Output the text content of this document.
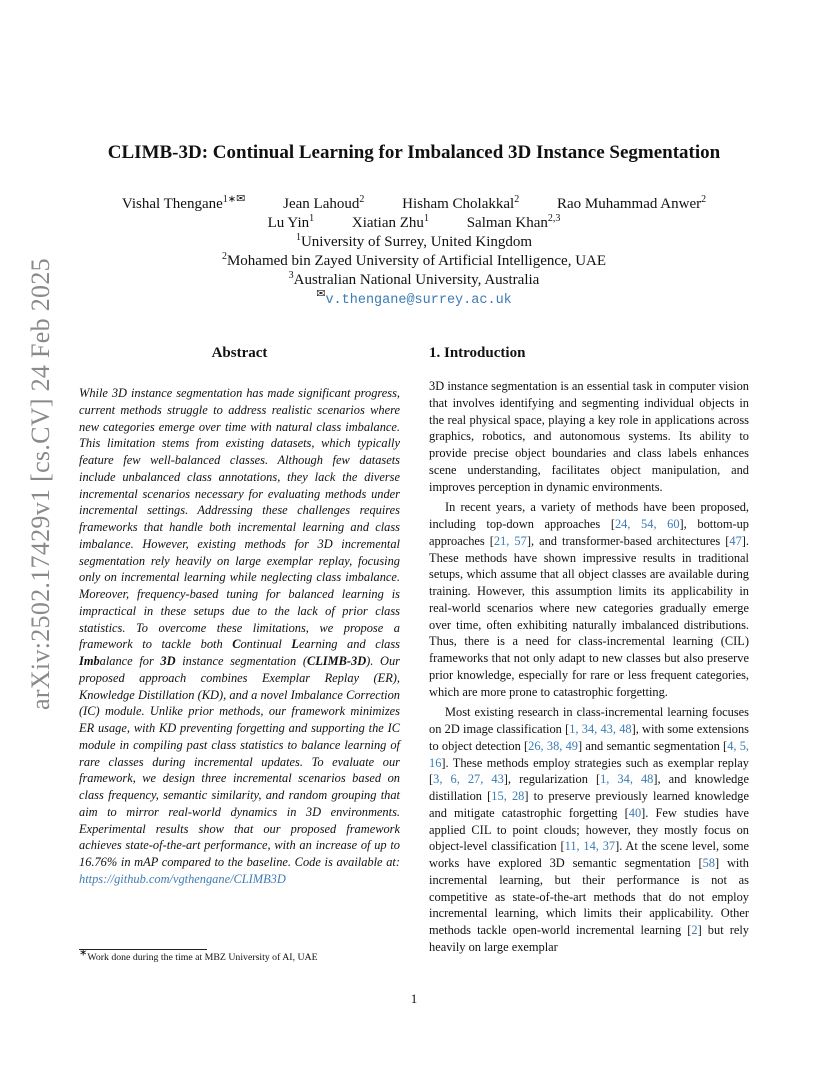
arXiv:2502.17429v1 [cs.CV] 24 Feb 2025
CLIMB-3D: Continual Learning for Imbalanced 3D Instance Segmentation
Vishal Thengane$^{1∗}$✉	Jean Lahoud$^2$	Hisham Cholakkal$^2$	Rao Muhammad Anwer$^2$
Lu Yin$^1$	Xiatian Zhu$^1$	Salman Khan$^{2,3}$
$^1$University of Surrey, United Kingdom
$^2$Mohamed bin Zayed University of Artificial Intelligence, UAE
$^3$Australian National University, Australia
✉v.thengane@surrey.ac.uk
Abstract
While 3D instance segmentation has made significant progress, current methods struggle to address realistic scenarios where new categories emerge over time with natural class imbalance. This limitation stems from existing datasets, which typically feature few well-balanced classes. Although few datasets include unbalanced class annotations, they lack the diverse incremental scenarios necessary for evaluating methods under incremental settings. Addressing these challenges requires frameworks that handle both incremental learning and class imbalance. However, existing methods for 3D incremental segmentation rely heavily on large exemplar replay, focusing only on incremental learning while neglecting class imbalance. Moreover, frequency-based tuning for balanced learning is impractical in these setups due to the lack of prior class statistics. To overcome these limitations, we propose a framework to tackle both Continual Learning and class Imbalance for 3D instance segmentation (CLIMB-3D). Our proposed approach combines Exemplar Replay (ER), Knowledge Distillation (KD), and a novel Imbalance Correction (IC) module. Unlike prior methods, our framework minimizes ER usage, with KD preventing forgetting and supporting the IC module in compiling past class statistics to balance learning of rare classes during incremental updates. To evaluate our framework, we design three incremental scenarios based on class frequency, semantic similarity, and random grouping that aim to mirror real-world dynamics in 3D environments. Experimental results show that our proposed framework achieves state-of-the-art performance, with an increase of up to 16.76% in mAP compared to the baseline. Code is available at: https://github.com/vgthengane/CLIMB3D
1. Introduction

3D instance segmentation is an essential task in computer vision that involves identifying and segmenting individual objects in the real physical space, playing a key role in applications across graphics, robotics, and autonomous systems. Its ability to provide precise object boundaries and class labels enhances scene understanding, facilitates object manipulation, and improves perception in dynamic environments.

In recent years, a variety of methods have been proposed, including top-down approaches [24, 54, 60], bottom-up approaches [21, 57], and transformer-based architectures [47]. These methods have shown impressive results in traditional setups, which assume that all object classes are available during training. However, this assumption limits its applicability in real-world scenarios where new categories gradually emerge over time, often exhibiting naturally imbalanced distributions. Thus, there is a need for class-incremental learning (CIL) frameworks that not only adapt to new classes but also preserve prior knowledge, especially for rare or less frequent categories, which are more prone to catastrophic forgetting.

Most existing research in class-incremental learning focuses on 2D image classification [1, 34, 43, 48], with some extensions to object detection [26, 38, 49] and semantic segmentation [4, 5, 16]. These methods employ strategies such as exemplar replay [3, 6, 27, 43], regularization [1, 34, 48], and knowledge distillation [15, 28] to preserve previously learned knowledge and mitigate catastrophic forgetting [40]. Few studies have applied CIL to point clouds; however, they mostly focus on object-level classification [11, 14, 37]. At the scene level, some works have explored 3D semantic segmentation [58] with incremental learning, but their performance is not as competitive as state-of-the-art methods that do not employ incremental learning, which limits their applicability. Other methods tackle open-world incremental learning [2] but rely heavily on large exemplar

∗Work done during the time at MBZ University of AI, UAE
1
